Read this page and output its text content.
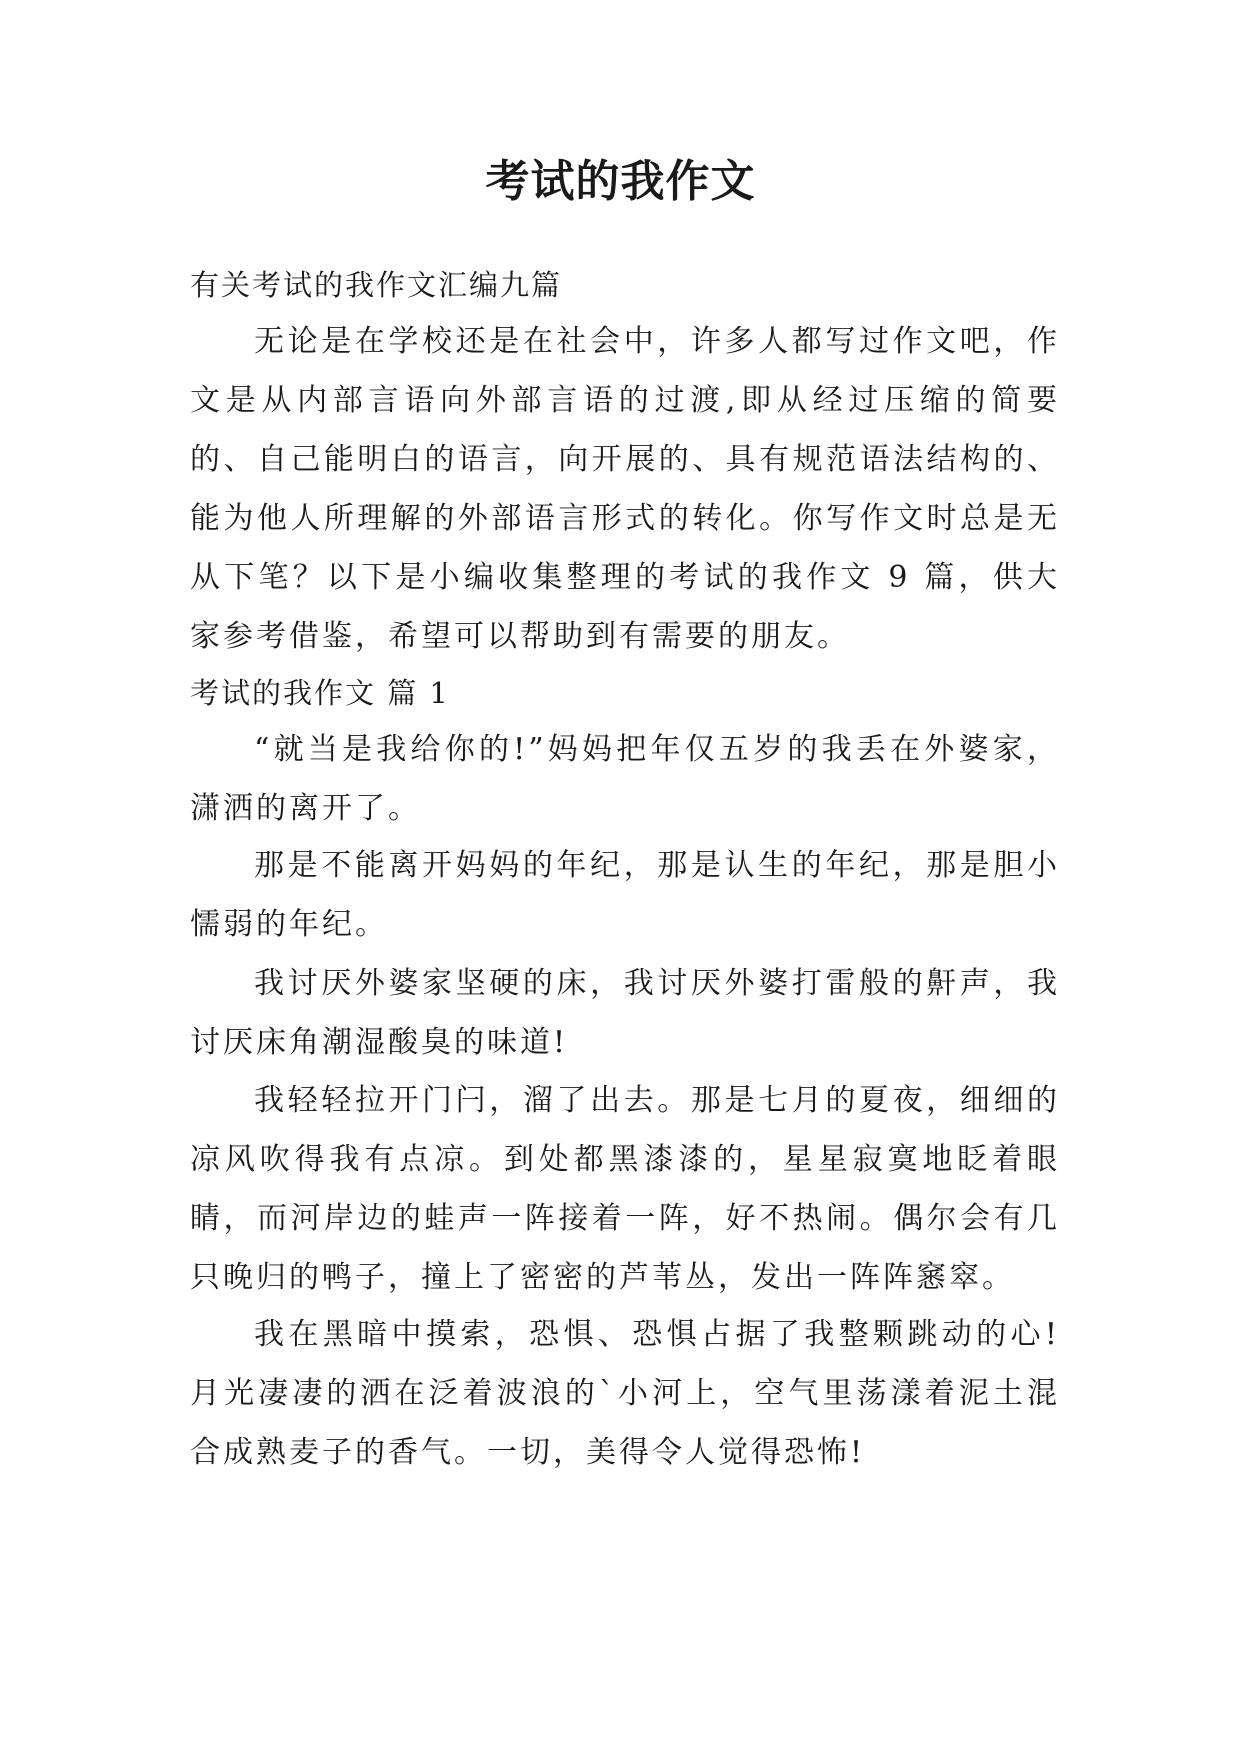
考试的我作文

有关考试的我作文汇编九篇

无论是在学校还是在社会中，许多人都写过作文吧，作文是从内部言语向外部言语的过渡,即从经过压缩的简要的、自己能明白的语言，向开展的、具有规范语法结构的、能为他人所理解的外部语言形式的转化。你写作文时总是无从下笔？以下是小编收集整理的考试的我作文 9 篇，供大家参考借鉴，希望可以帮助到有需要的朋友。

考试的我作文 篇 1

“就当是我给你的!”妈妈把年仅五岁的我丢在外婆家，潇洒的离开了。

那是不能离开妈妈的年纪，那是认生的年纪，那是胆小懦弱的年纪。

我讨厌外婆家坚硬的床，我讨厌外婆打雷般的鼾声，我讨厌床角潮湿酸臭的味道!

我轻轻拉开门闩，溜了出去。那是七月的夏夜，细细的凉风吹得我有点凉。到处都黑漆漆的，星星寂寞地眨着眼睛，而河岸边的蛙声一阵接着一阵，好不热闹。偶尔会有几只晚归的鸭子，撞上了密密的芦苇丛，发出一阵阵窸窣。

我在黑暗中摸索，恐惧、恐惧占据了我整颗跳动的心!月光凄凄的洒在泛着波浪的`小河上，空气里荡漾着泥土混合成熟麦子的香气。一切，美得令人觉得恐怖!
